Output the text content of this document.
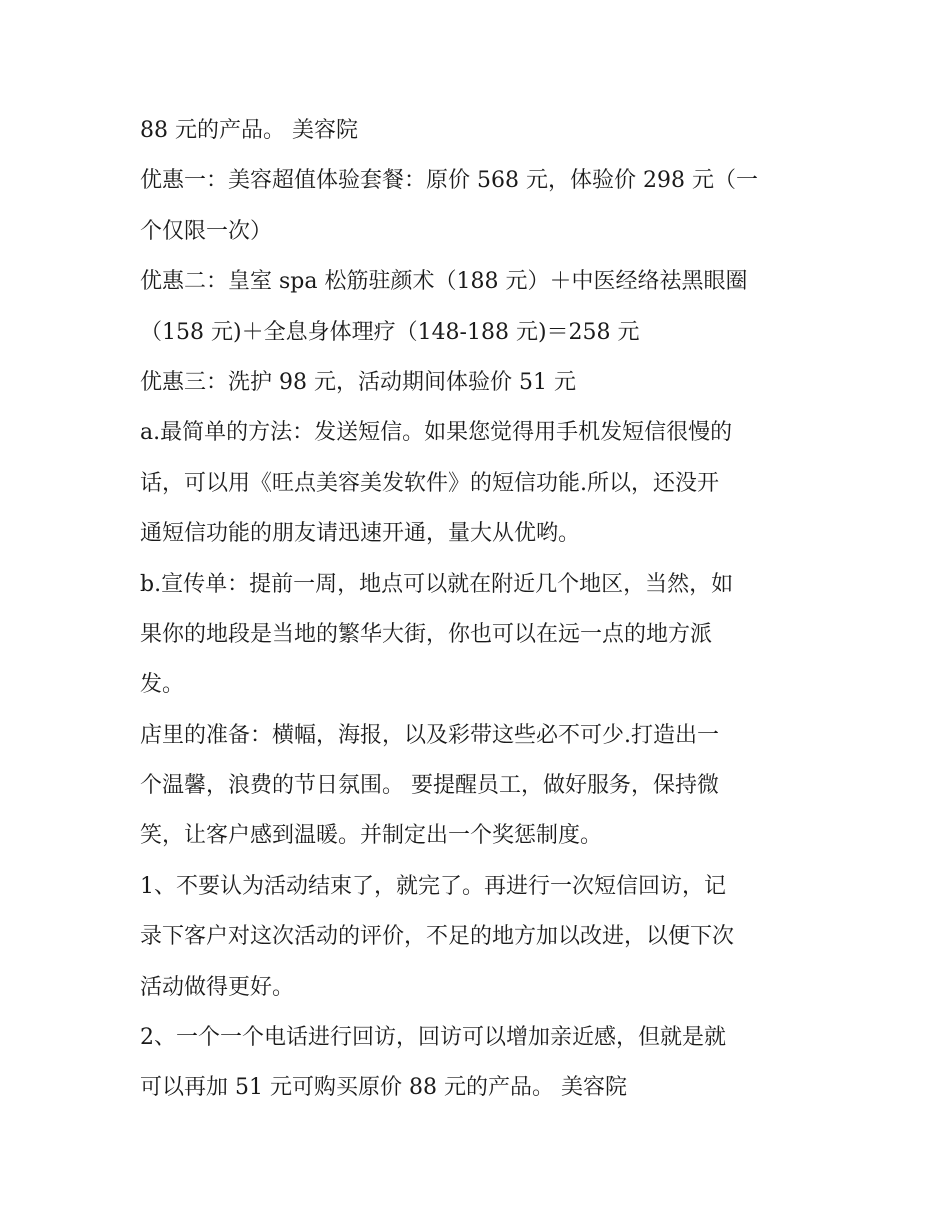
88 元的产品。 美容院
优惠一：美容超值体验套餐：原价 568 元，体验价 298 元（一
个仅限一次）
优惠二：皇室 spa 松筋驻颜术（188 元）＋中医经络祛黑眼圈
（158 元)＋全息身体理疗（148-188 元)＝258 元
优惠三：洗护 98 元，活动期间体验价 51 元
a.最简单的方法：发送短信。如果您觉得用手机发短信很慢的
话，可以用《旺点美容美发软件》的短信功能.所以，还没开
通短信功能的朋友请迅速开通，量大从优哟。
b.宣传单：提前一周，地点可以就在附近几个地区，当然，如
果你的地段是当地的繁华大街，你也可以在远一点的地方派
发。
店里的准备：横幅，海报，以及彩带这些必不可少.打造出一
个温馨，浪费的节日氛围。 要提醒员工，做好服务，保持微
笑，让客户感到温暖。并制定出一个奖惩制度。
1、不要认为活动结束了，就完了。再进行一次短信回访，记
录下客户对这次活动的评价，不足的地方加以改进，以便下次
活动做得更好。
2、一个一个电话进行回访，回访可以增加亲近感，但就是就
可以再加 51 元可购买原价 88 元的产品。 美容院
